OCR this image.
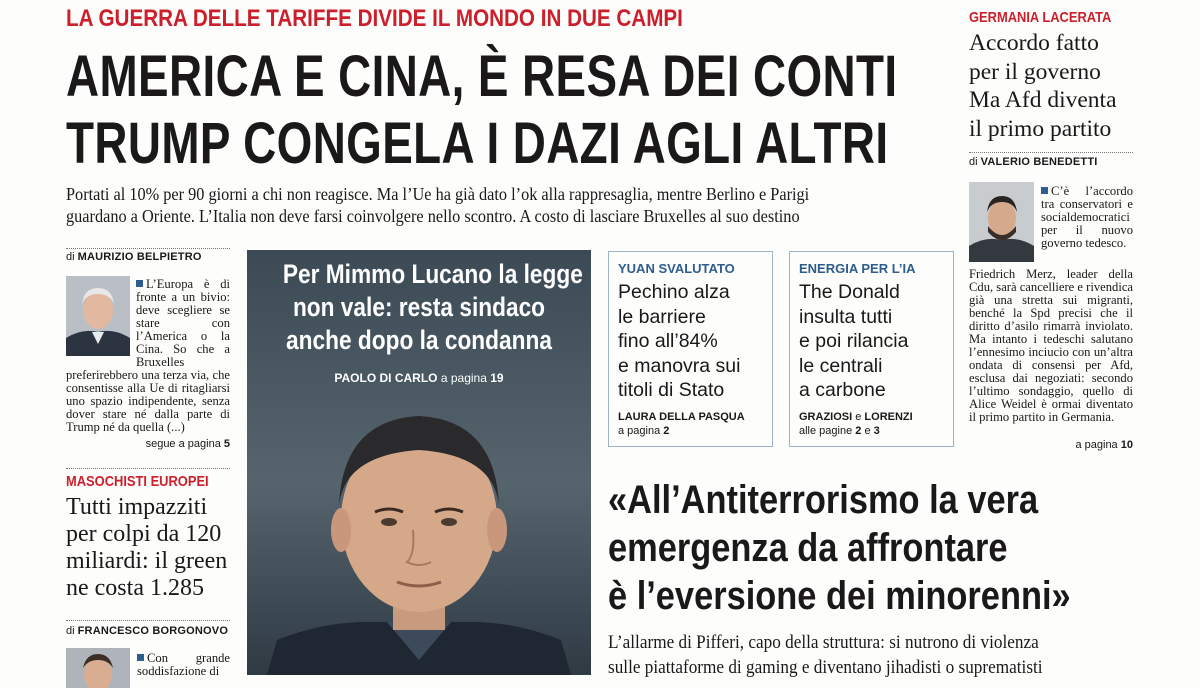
LA GUERRA DELLE TARIFFE DIVIDE IL MONDO IN DUE CAMPI
AMERICA E CINA, È RESA DEI CONTI
TRUMP CONGELA I DAZI AGLI ALTRI
Portati al 10% per 90 giorni a chi non reagisce. Ma l’Ue ha già dato l’ok alla rappresaglia, mentre Berlino e Parigi
guardano a Oriente. L’Italia non deve farsi coinvolgere nello scontro. A costo di lasciare Bruxelles al suo destino
di MAURIZIO BELPIETRO
L’Europa è di fronte a un bivio: deve scegliere se stare con l’America o la Cina. So che a Bruxelles preferirebbero una terza via, che consentisse alla Ue di ritagliarsi uno spazio indipendente, senza dover stare né dalla parte di Trump né da quella (...)
segue a pagina 5
MASOCHISTI EUROPEI
Tutti impazziti
per colpi da 120
miliardi: il green
ne costa 1.285
di FRANCESCO BORGONOVO
Con grande soddisfazione di
Per Mimmo Lucano la legge
non vale: resta sindaco
anche dopo la condanna
PAOLO DI CARLO a pagina 19
YUAN SVALUTATO
Pechino alza
le barriere
fino all’84%
e manovra sui
titoli di Stato
LAURA DELLA PASQUA
a pagina 2
ENERGIA PER L’IA
The Donald
insulta tutti
e poi rilancia
le centrali
a carbone
GRAZIOSI e LORENZI
alle pagine 2 e 3
GERMANIA LACERATA
Accordo fatto
per il governo
Ma Afd diventa
il primo partito
di VALERIO BENEDETTI
C’è l’accordo tra conservatori e socialdemocratici per il nuovo governo tedesco.
Friedrich Merz, leader della Cdu, sarà cancelliere e rivendica già una stretta sui migranti, benché la Spd precisi che il diritto d’asilo rimarrà inviolato. Ma intanto i tedeschi salutano l’ennesimo inciucio con un’altra ondata di consensi per Afd, esclusa dai negoziati: secondo l’ultimo sondaggio, quello di Alice Weidel è ormai diventato il primo partito in Germania.
a pagina 10
«All’Antiterrorismo la vera
emergenza da affrontare
è l’eversione dei minorenni»
L’allarme di Pifferi, capo della struttura: si nutrono di violenza
sulle piattaforme di gaming e diventano jihadisti o suprematisti
